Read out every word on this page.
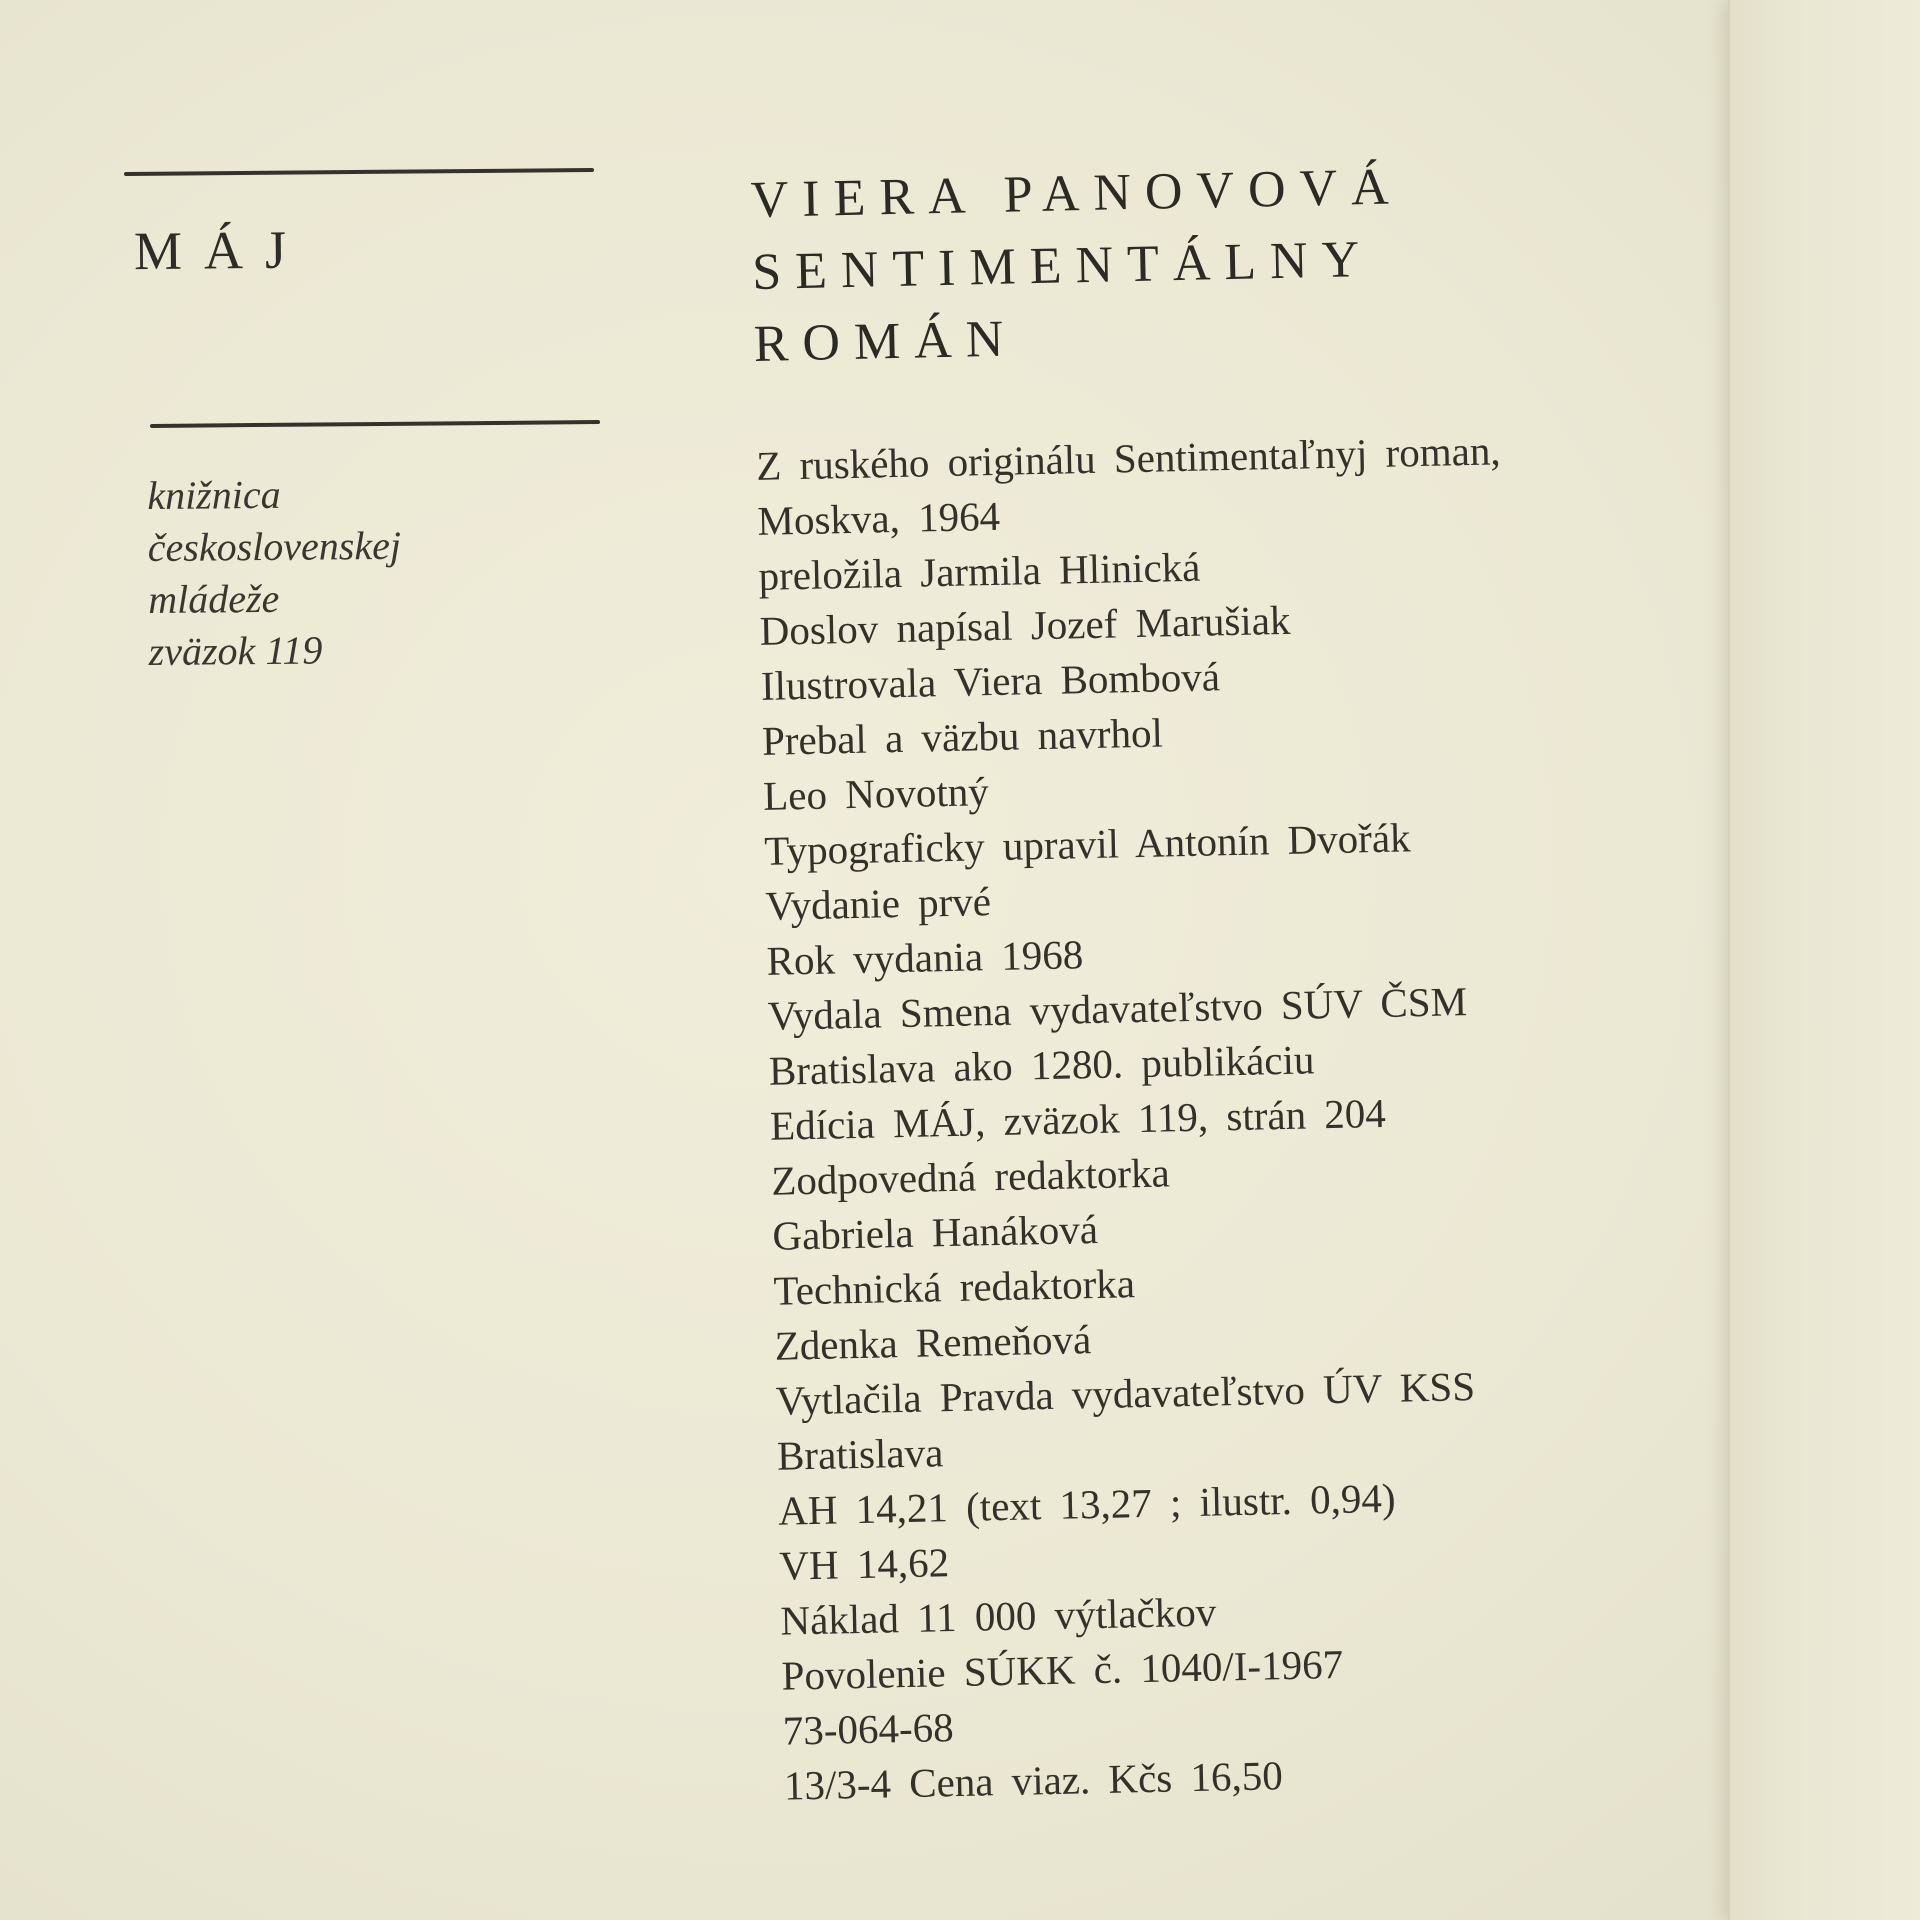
MÁJ
knižnica
československej
mládeže
zväzok 119
VIERA PANOVOVÁ
SENTIMENTÁLNY
ROMÁN
Z ruského originálu Sentimentaľnyj roman,
Moskva, 1964
preložila Jarmila Hlinická
Doslov napísal Jozef Marušiak
Ilustrovala Viera Bombová
Prebal a väzbu navrhol
Leo Novotný
Typograficky upravil Antonín Dvořák
Vydanie prvé
Rok vydania 1968
Vydala Smena vydavateľstvo SÚV ČSM
Bratislava ako 1280. publikáciu
Edícia MÁJ, zväzok 119, strán 204
Zodpovedná redaktorka
Gabriela Hanáková
Technická redaktorka
Zdenka Remeňová
Vytlačila Pravda vydavateľstvo ÚV KSS
Bratislava
AH 14,21 (text 13,27 ; ilustr. 0,94)
VH 14,62
Náklad 11 000 výtlačkov
Povolenie SÚKK č. 1040/I-1967
73-064-68
13/3-4 Cena viaz. Kčs 16,50
